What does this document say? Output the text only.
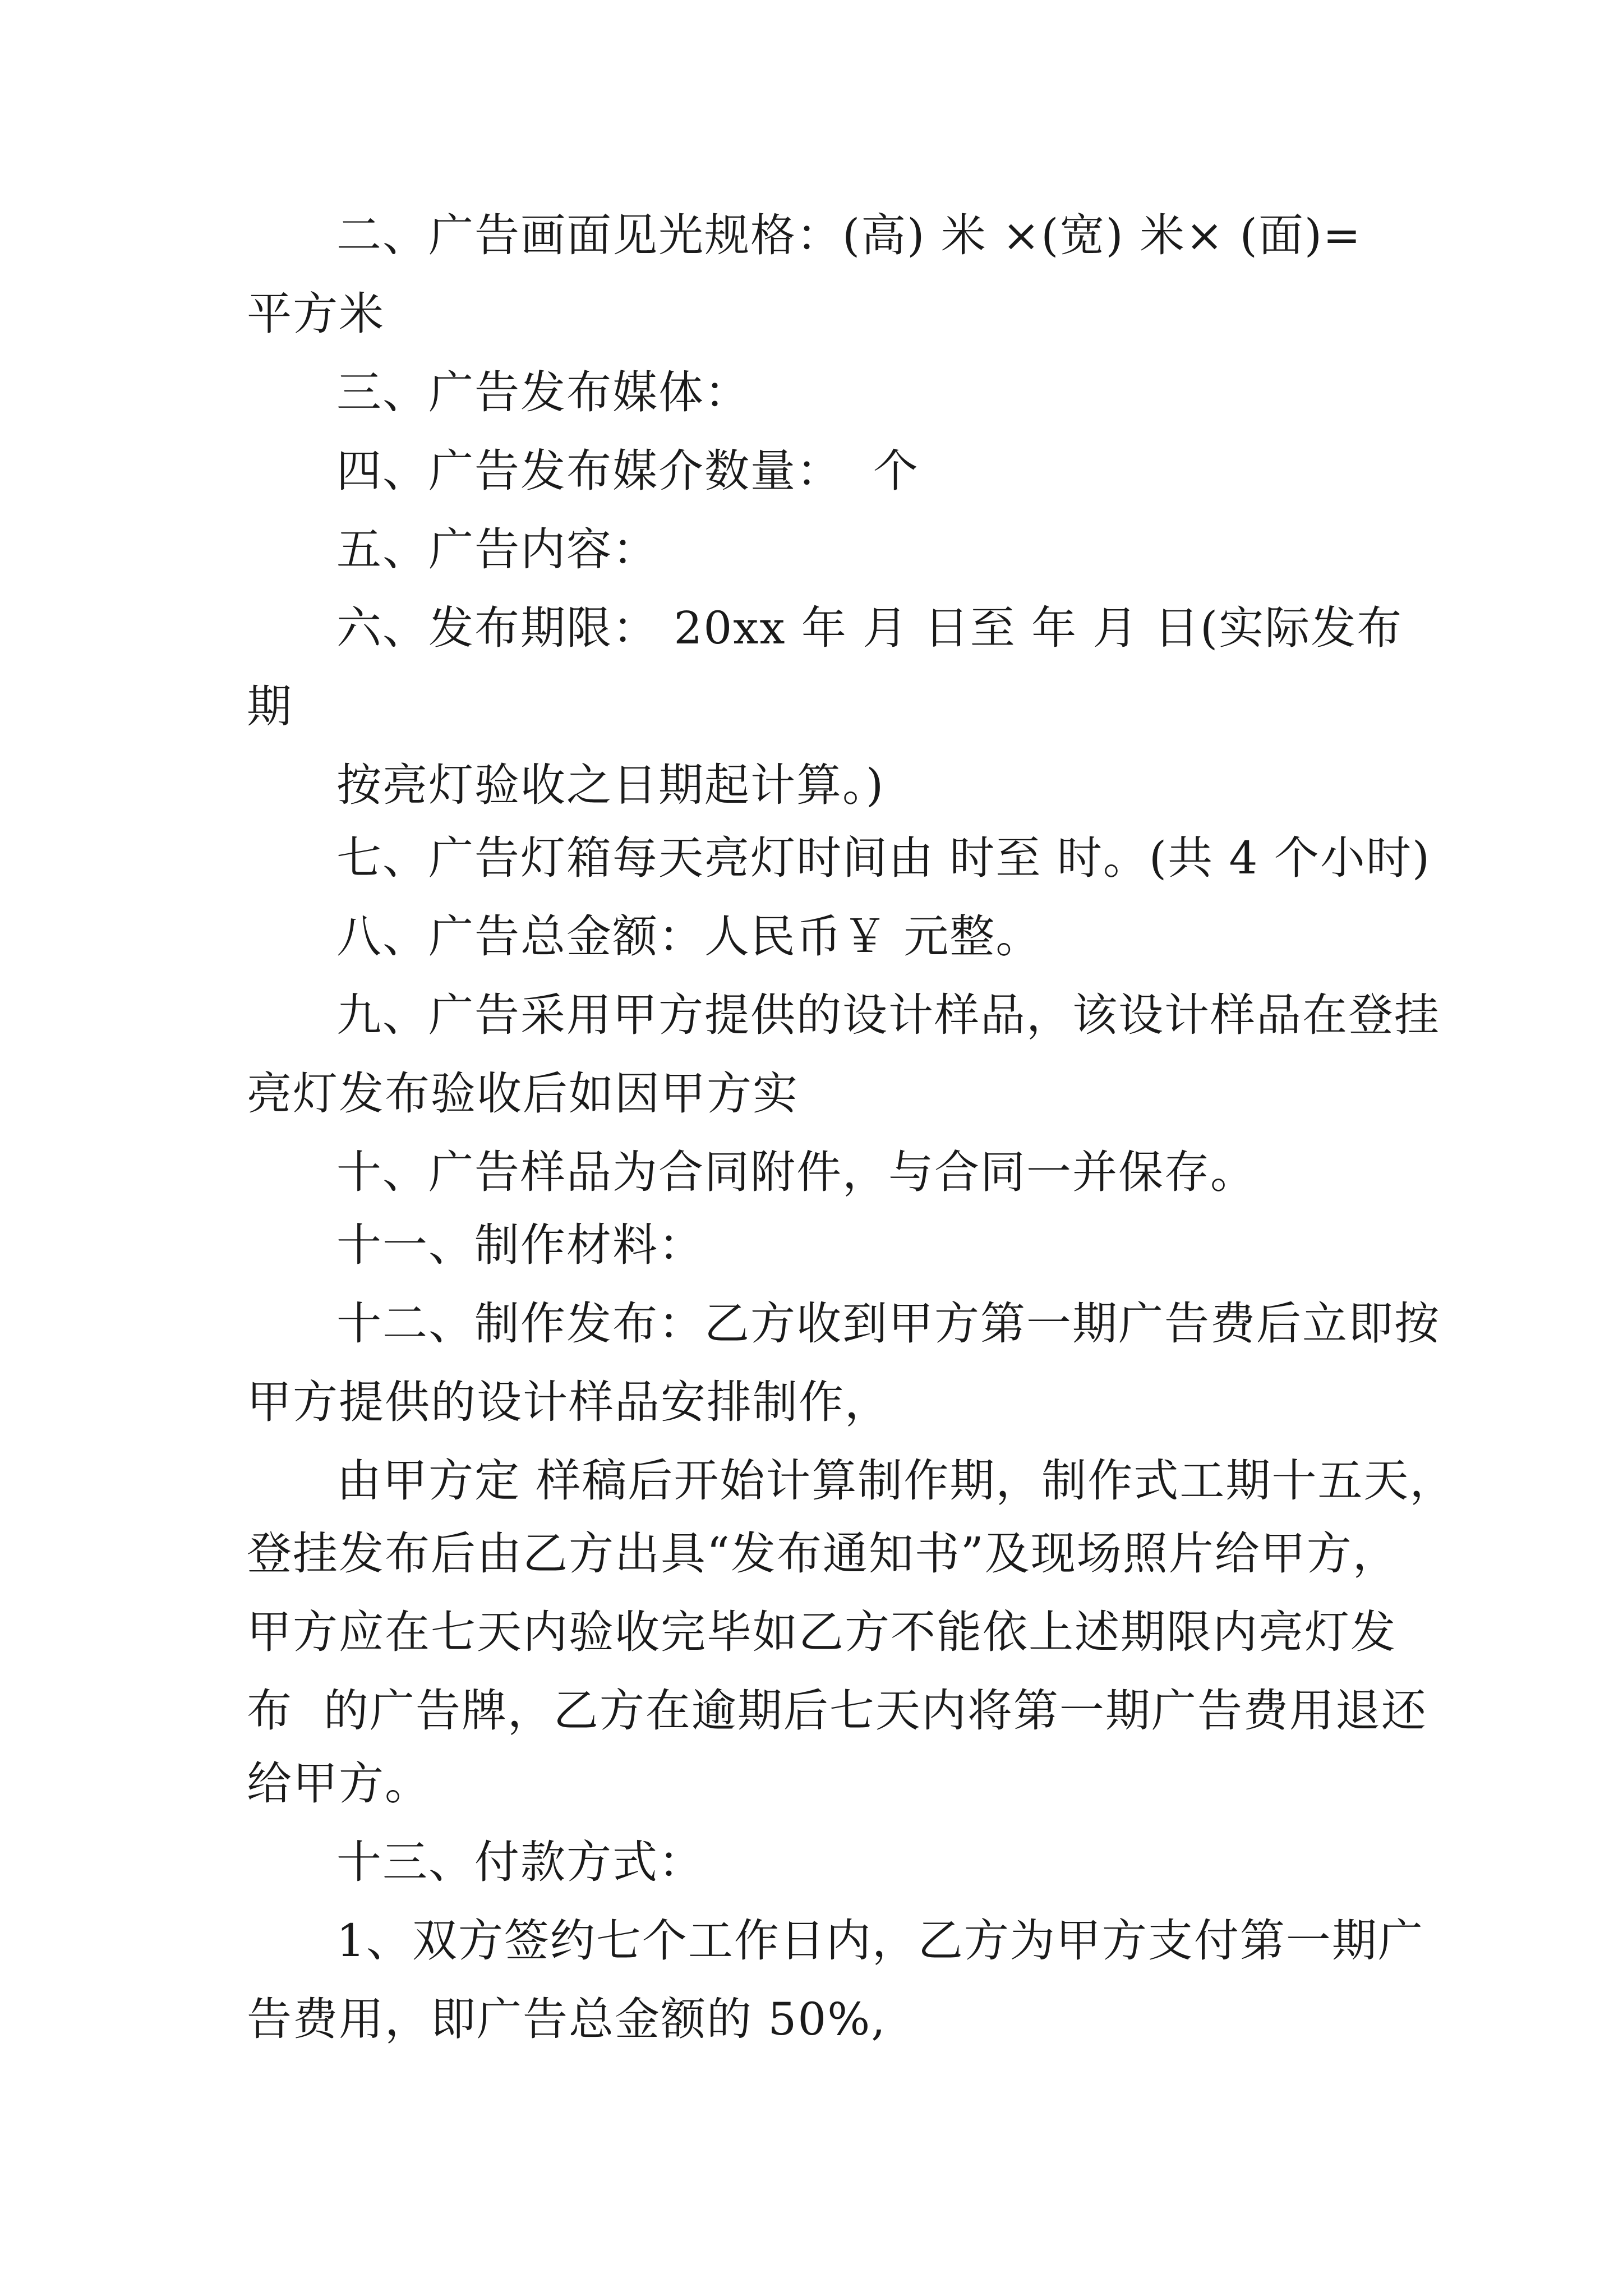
二、广告画面见光规格：(高) 米 ×(宽) 米× (面)=

平方米

三、广告发布媒体：

四、广告发布媒介数量：  个

五、广告内容：

六、发布期限： 20xx 年 月 日至 年 月 日(实际发布

期

按亮灯验收之日期起计算。)

七、广告灯箱每天亮灯时间由 时至 时。(共 4 个小时)

八、广告总金额：人民币￥ 元整。

九、广告采用甲方提供的设计样品，该设计样品在登挂

亮灯发布验收后如因甲方实

十、广告样品为合同附件，与合同一并保存。

十一、制作材料：

十二、制作发布：乙方收到甲方第一期广告费后立即按

甲方提供的设计样品安排制作，

由甲方定 样稿后开始计算制作期，制作式工期十五天，

登挂发布后由乙方出具“发布通知书”及现场照片给甲方，

甲方应在七天内验收完毕如乙方不能依上述期限内亮灯发

布  的广告牌，乙方在逾期后七天内将第一期广告费用退还

给甲方。

十三、付款方式：

1、双方签约七个工作日内，乙方为甲方支付第一期广

告费用，即广告总金额的 50%,
